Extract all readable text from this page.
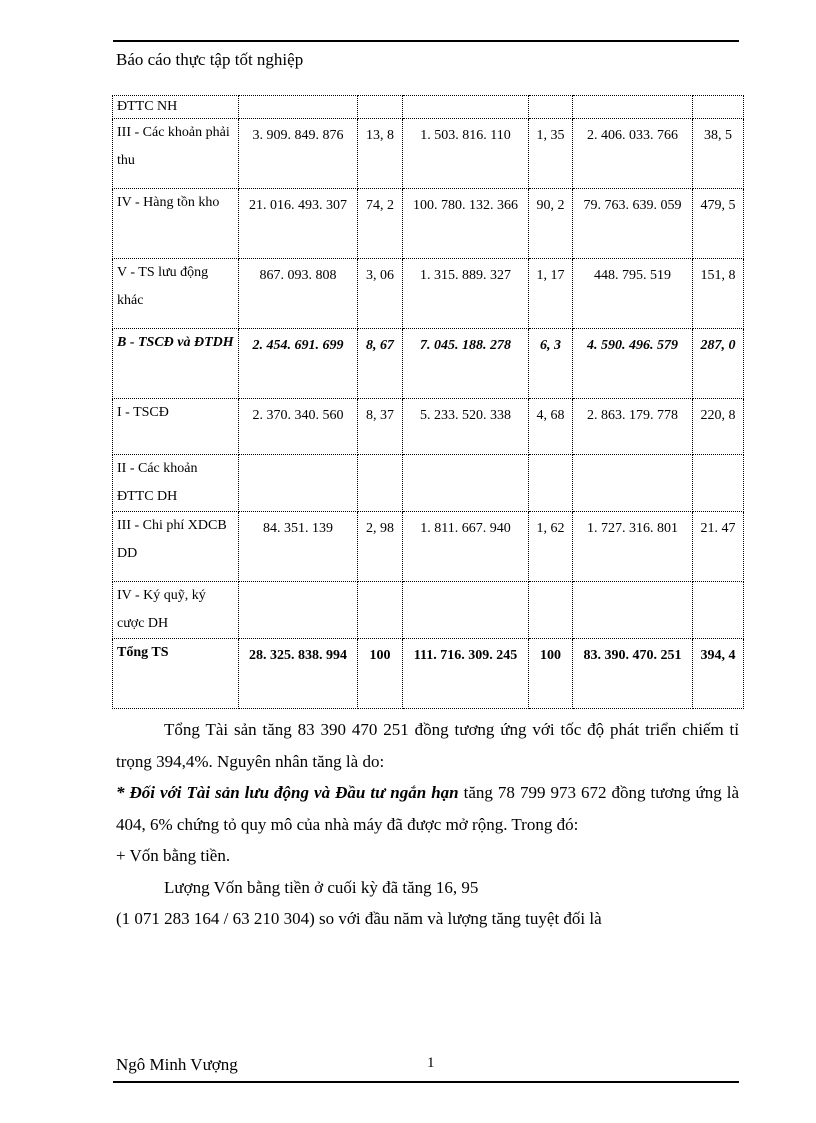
Báo cáo thực tập tốt nghiệp
ĐTTC NH						
III - Các khoản phải thu	3. 909. 849. 876	13, 8	1. 503. 816. 110	1, 35	2. 406. 033. 766	38, 5
IV - Hàng tồn kho	21. 016. 493. 307	74, 2	100. 780. 132. 366	90, 2	79. 763. 639. 059	479, 5
V - TS lưu động khác	867. 093. 808	3, 06	1. 315. 889. 327	1, 17	448. 795. 519	151, 8
B - TSCĐ và ĐTDH	2. 454. 691. 699	8, 67	7. 045. 188. 278	6, 3	4. 590. 496. 579	287, 0
I - TSCĐ	2. 370. 340. 560	8, 37	5. 233. 520. 338	4, 68	2. 863. 179. 778	220, 8
II - Các khoản ĐTTC DH						
III - Chi phí XDCB DD	84. 351. 139	2, 98	1. 811. 667. 940	1, 62	1. 727. 316. 801	21. 47
IV - Ký quỹ, ký cược DH						
Tổng TS	28. 325. 838. 994	100	111. 716. 309. 245	100	83. 390. 470. 251	394, 4

Tổng Tài sản tăng 83 390 470 251 đồng tương ứng với tốc độ phát triển chiếm tỉ trọng 394,4%. Nguyên nhân tăng là do:

* Đối với Tài sản lưu động và Đầu tư ngắn hạn tăng 78 799 973 672 đồng tương ứng là 404, 6% chứng tỏ quy mô của nhà máy đã được mở rộng. Trong đó:

+ Vốn bằng tiền.

Lượng Vốn bằng tiền ở cuối kỳ đã tăng 16, 95

(1 071 283 164 / 63 210 304) so với đầu năm và lượng tăng tuyệt đối là

Ngô Minh Vượng	1
